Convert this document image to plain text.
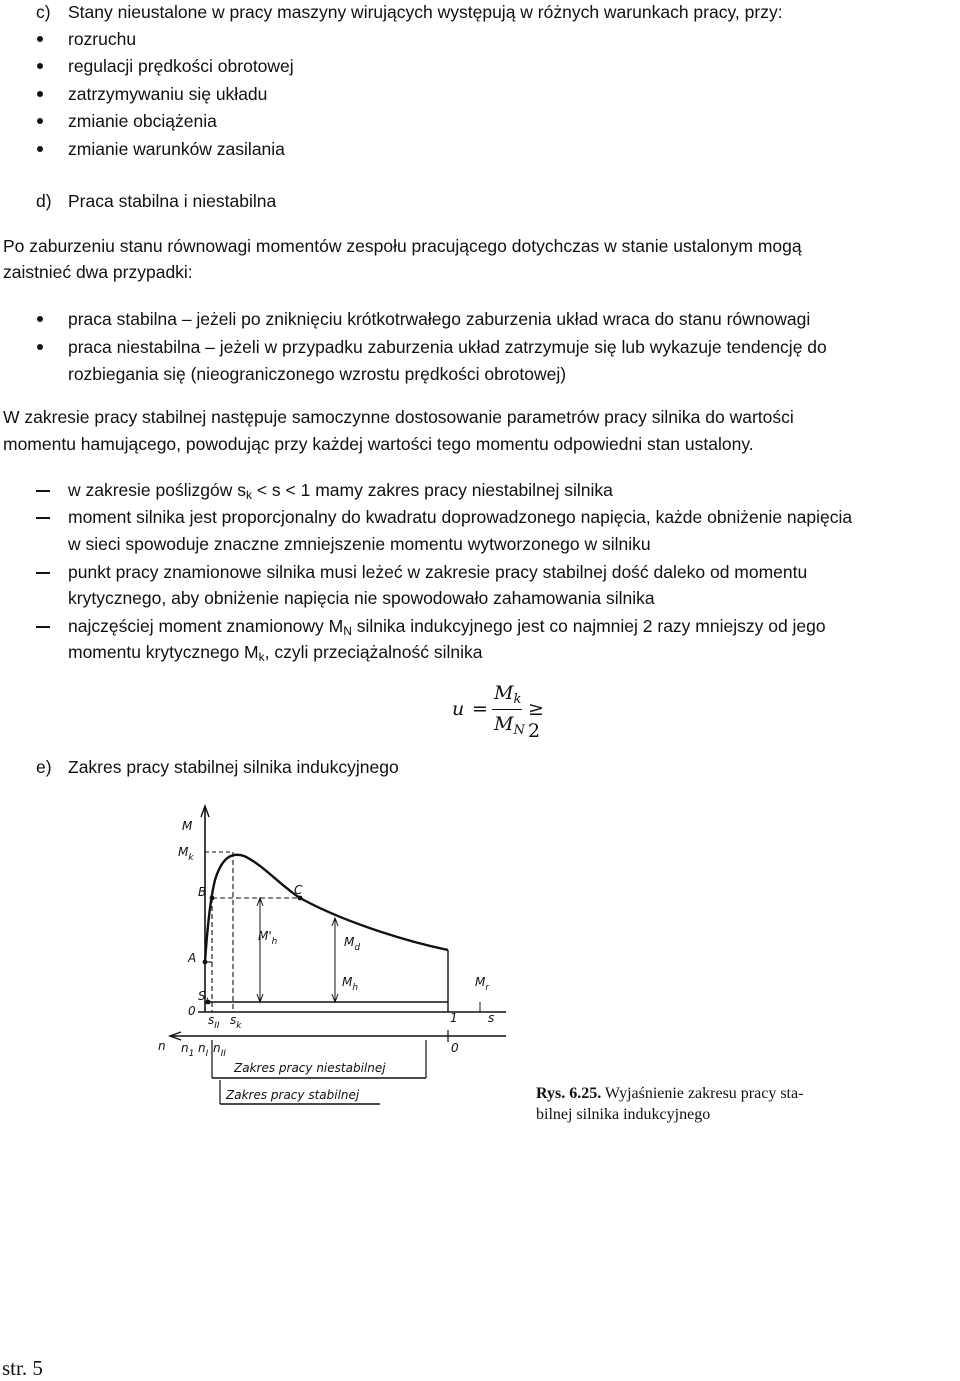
c) Stany nieustalone w pracy maszyny wirujących występują w różnych warunkach pracy, przy:
rozruchu
regulacji prędkości obrotowej
zatrzymywaniu się układu
zmianie obciążenia
zmianie warunków zasilania
d) Praca stabilna i niestabilna
Po zaburzeniu stanu równowagi momentów zespołu pracującego dotychczas w stanie ustalonym mogą
zaistnieć dwa przypadki:
praca stabilna – jeżeli po zniknięciu krótkotrwałego zaburzenia układ wraca do stanu równowagi
praca niestabilna – jeżeli w przypadku zaburzenia układ zatrzymuje się lub wykazuje tendencję do
rozbiegania się (nieograniczonego wzrostu prędkości obrotowej)
W zakresie pracy stabilnej następuje samoczynne dostosowanie parametrów pracy silnika do wartości
momentu hamującego, powodując przy każdej wartości tego momentu odpowiedni stan ustalony.
w zakresie poślizgów $s_k < s < 1$ mamy zakres pracy niestabilnej silnika
moment silnika jest proporcjonalny do kwadratu doprowadzonego napięcia, każde obniżenie napięcia
w sieci spowoduje znaczne zmniejszenie momentu wytworzonego w silniku
punkt pracy znamionowe silnika musi leżeć w zakresie pracy stabilnej dość daleko od momentu
krytycznego, aby obniżenie napięcia nie spowodowało zahamowania silnika
najczęściej moment znamionowy $M_N$ silnika indukcyjnego jest co najmniej 2 razy mniejszy od jego
momentu krytycznego $M_k$, czyli przeciążalność silnika
u =
$M_k$
$M_N$
≥ 2
e) Zakres pracy stabilnej silnika indukcyjnego
M
$M_k$
B	C
A
$M'_h$	$M_d$
$M_h$	$M_r$
$S_I$
0
$s_{II}$ $s_k$
1	s
n $n_1$ $n_I$ $n_{II}$	0
Zakres pracy niestabilnej
Zakres pracy stabilnej	Rys. 6.25. Wyjaśnienie zakresu pracy sta-
bilnej silnika indukcyjnego
str. 5
